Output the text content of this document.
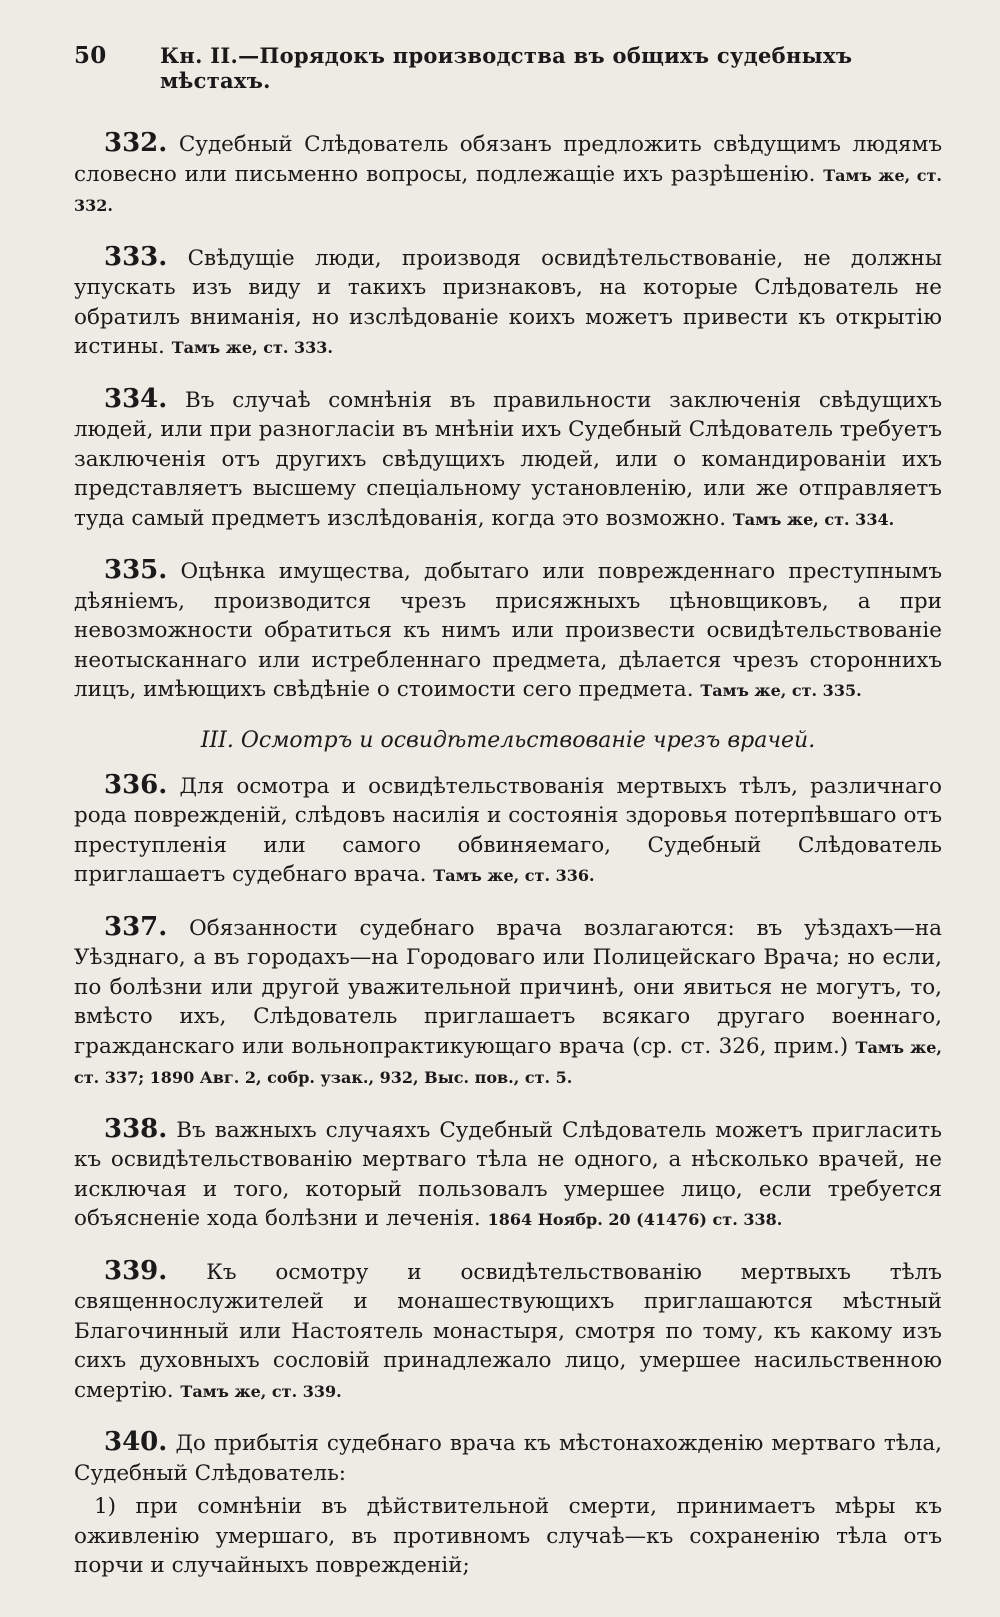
50	Кн. II.—Порядокъ производства въ общихъ судебныхъ мѣстахъ.

332. Судебный Слѣдователь обязанъ предложить свѣдущимъ людямъ словесно или письменно вопросы, подлежащіе ихъ разрѣшенію. Тамъ же, ст. 332.

333. Свѣдущіе люди, производя освидѣтельствованіе, не должны упускать изъ виду и такихъ признаковъ, на которые Слѣдователь не обратилъ вниманія, но изслѣдованіе коихъ можетъ привести къ открытію истины. Тамъ же, ст. 333.

334. Въ случаѣ сомнѣнія въ правильности заключенія свѣдущихъ людей, или при разногласіи въ мнѣніи ихъ Судебный Слѣдователь требуетъ заключенія отъ другихъ свѣдущихъ людей, или о командированіи ихъ представляетъ высшему спеціальному установленію, или же отправляетъ туда самый предметъ изслѣдованія, когда это возможно. Тамъ же, ст. 334.

335. Оцѣнка имущества, добытаго или поврежденнаго преступнымъ дѣяніемъ, производится чрезъ присяжныхъ цѣновщиковъ, а при невозможности обратиться къ нимъ или произвести освидѣтельствованіе неотысканнаго или истребленнаго предмета, дѣлается чрезъ стороннихъ лицъ, имѣющихъ свѣдѣніе о стоимости сего предмета. Тамъ же, ст. 335.

III. Осмотръ и освидѣтельствованіе чрезъ врачей.

336. Для осмотра и освидѣтельствованія мертвыхъ тѣлъ, различнаго рода поврежденій, слѣдовъ насилія и состоянія здоровья потерпѣвшаго отъ преступленія или самого обвиняемаго, Судебный Слѣдователь приглашаетъ судебнаго врача. Тамъ же, ст. 336.

337. Обязанности судебнаго врача возлагаются: въ уѣздахъ—на Уѣзднаго, а въ городахъ—на Городоваго или Полицейскаго Врача; но если, по болѣзни или другой уважительной причинѣ, они явиться не могутъ, то, вмѣсто ихъ, Слѣдователь приглашаетъ всякаго другаго военнаго, гражданскаго или вольнопрактикующаго врача (ср. ст. 326, прим.) Тамъ же, ст. 337; 1890 Авг. 2, собр. узак., 932, Выс. пов., ст. 5.

338. Въ важныхъ случаяхъ Судебный Слѣдователь можетъ пригласить къ освидѣтельствованію мертваго тѣла не одного, а нѣсколько врачей, не исключая и того, который пользовалъ умершее лицо, если требуется объясненіе хода болѣзни и леченія. 1864 Ноябр. 20 (41476) ст. 338.

339. Къ осмотру и освидѣтельствованію мертвыхъ тѣлъ священнослужителей и монашествующихъ приглашаются мѣстный Благочинный или Настоятель монастыря, смотря по тому, къ какому изъ сихъ духовныхъ сословій принадлежало лицо, умершее насильственною смертію. Тамъ же, ст. 339.

340. До прибытія судебнаго врача къ мѣстонахожденію мертваго тѣла, Судебный Слѣдователь:

1) при сомнѣніи въ дѣйствительной смерти, принимаетъ мѣры къ оживленію умершаго, въ противномъ случаѣ—къ сохраненію тѣла отъ порчи и случайныхъ поврежденій;
